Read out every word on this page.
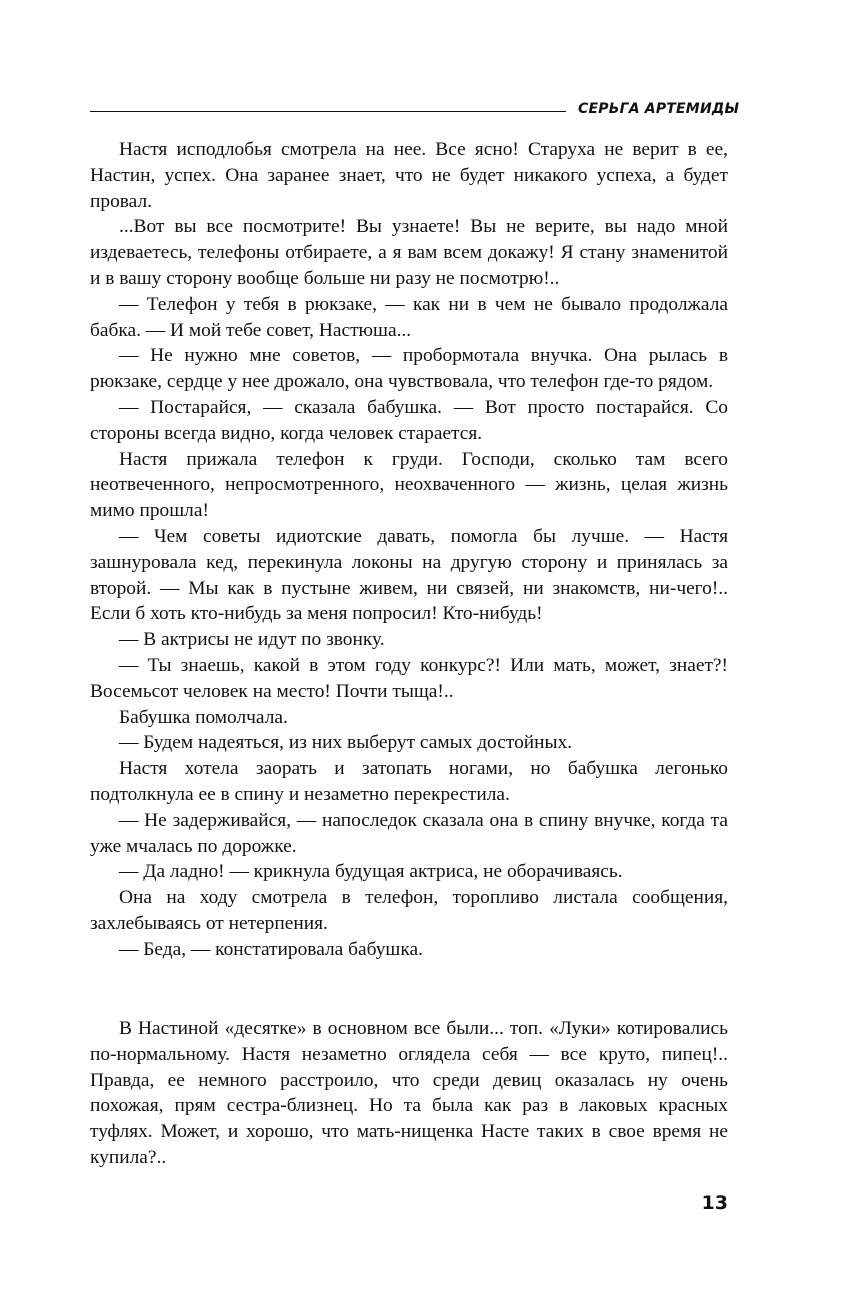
СЕРЬГА АРТЕМИДЫ

Настя исподлобья смотрела на нее. Все ясно! Старуха не верит в ее, Настин, успех. Она заранее знает, что не будет никакого успеха, а будет провал.

...Вот вы все посмотрите! Вы узнаете! Вы не верите, вы надо мной издеваетесь, телефоны отбираете, а я вам всем докажу! Я стану знаменитой и в вашу сторону вообще больше ни разу не посмотрю!..

— Телефон у тебя в рюкзаке, — как ни в чем не бывало продолжала бабка. — И мой тебе совет, Настюша...

— Не нужно мне советов, — пробормотала внучка. Она рылась в рюкзаке, сердце у нее дрожало, она чувствовала, что телефон где-то рядом.

— Постарайся, — сказала бабушка. — Вот просто постарайся. Со стороны всегда видно, когда человек старается.

Настя прижала телефон к груди. Господи, сколько там всего неотвеченного, непросмотренного, неохваченного — жизнь, целая жизнь мимо прошла!

— Чем советы идиотские давать, помогла бы лучше. — Настя зашнуровала кед, перекинула локоны на другую сторону и принялась за второй. — Мы как в пустыне живем, ни связей, ни знакомств, ни-чего!.. Если б хоть кто-нибудь за меня попросил! Кто-нибудь!

— В актрисы не идут по звонку.

— Ты знаешь, какой в этом году конкурс?! Или мать, может, знает?! Восемьсот человек на место! Почти тыща!..

Бабушка помолчала.

— Будем надеяться, из них выберут самых достойных.

Настя хотела заорать и затопать ногами, но бабушка легонько подтолкнула ее в спину и незаметно перекрестила.

— Не задерживайся, — напоследок сказала она в спину внучке, когда та уже мчалась по дорожке.

— Да ладно! — крикнула будущая актриса, не оборачиваясь.

Она на ходу смотрела в телефон, торопливо листала сообщения, захлебываясь от нетерпения.

— Беда, — констатировала бабушка.

В Настиной «десятке» в основном все были... топ. «Луки» котировались по-нормальному. Настя незаметно оглядела себя — все круто, пипец!.. Правда, ее немного расстроило, что среди девиц оказалась ну очень похожая, прям сестра-близнец. Но та была как раз в лаковых красных туфлях. Может, и хорошо, что мать-нищенка Насте таких в свое время не купила?..

13
